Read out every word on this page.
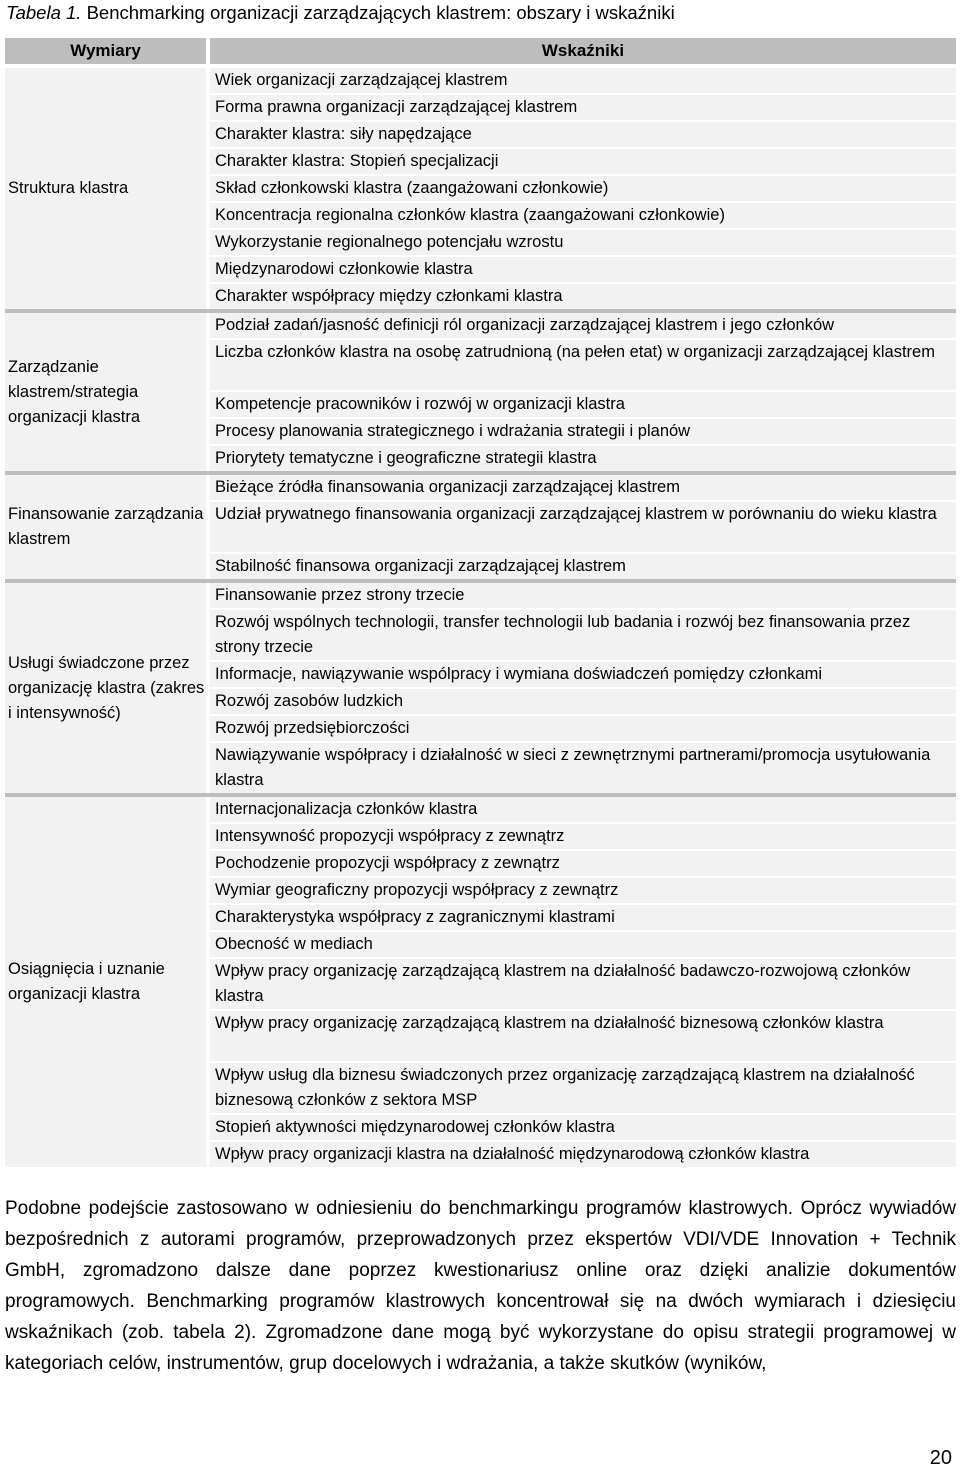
Tabela 1. Benchmarking organizacji zarządzających klastrem: obszary i wskaźniki
Wymiary	Wskaźniki
Wiek organizacji zarządzającej klastrem
Forma prawna organizacji zarządzającej klastrem
Charakter klastra: siły napędzające
Charakter klastra: Stopień specjalizacji
Skład członkowski klastra (zaangażowani członkowie)
Koncentracja regionalna członków klastra (zaangażowani członkowie)
Wykorzystanie regionalnego potencjału wzrostu
Międzynarodowi członkowie klastra
Charakter współpracy między członkami klastra
Struktura klastra
Podział zadań/jasność definicji ról organizacji zarządzającej klastrem i jego członków
Liczba członków klastra na osobę zatrudnioną (na pełen etat) w organizacji zarządzającej klastrem
Kompetencje pracowników i rozwój w organizacji klastra
Procesy planowania strategicznego i wdrażania strategii i planów
Priorytety tematyczne i geograficzne strategii klastra
Zarządzanie klastrem/strategia organizacji klastra
Bieżące źródła finansowania organizacji zarządzającej klastrem
Udział prywatnego finansowania organizacji zarządzającej klastrem w porównaniu do wieku klastra
Stabilność finansowa organizacji zarządzającej klastrem
Finansowanie zarządzania klastrem
Finansowanie przez strony trzecie
Rozwój wspólnych technologii, transfer technologii lub badania i rozwój bez finansowania przez strony trzecie
Informacje, nawiązywanie wspólpracy i wymiana doświadczeń pomiędzy członkami
Rozwój zasobów ludzkich
Rozwój przedsiębiorczości
Nawiązywanie współpracy i działalność w sieci z zewnętrznymi partnerami/promocja usytułowania klastra
Usługi świadczone przez organizację klastra (zakres i intensywność)
Internacjonalizacja członków klastra
Intensywność propozycji współpracy z zewnątrz
Pochodzenie propozycji współpracy z zewnątrz
Wymiar geograficzny propozycji współpracy z zewnątrz
Charakterystyka współpracy z zagranicznymi klastrami
Obecność w mediach
Wpływ pracy organizację zarządzającą klastrem na działalność badawczo-rozwojową członków klastra
Wpływ pracy organizację zarządzającą klastrem na działalność biznesową członków klastra
Wpływ usług dla biznesu świadczonych przez organizację zarządzającą klastrem na działalność biznesową członków z sektora MSP
Stopień aktywności międzynarodowej członków klastra
Wpływ pracy organizacji klastra na działalność międzynarodową członków klastra
Osiągnięcia i uznanie organizacji klastra

Podobne podejście zastosowano w odniesieniu do benchmarkingu programów klastrowych. Oprócz wywiadów bezpośrednich z autorami programów, przeprowadzonych przez ekspertów VDI/VDE Innovation + Technik GmbH, zgromadzono dalsze dane poprzez kwestionariusz online oraz dzięki analizie dokumentów programowych. Benchmarking programów klastrowych koncentrował się na dwóch wymiarach i dziesięciu wskaźnikach (zob. tabela 2). Zgromadzone dane mogą być wykorzystane do opisu strategii programowej w kategoriach celów, instrumentów, grup docelowych i wdrażania, a także skutków (wyników,

20
